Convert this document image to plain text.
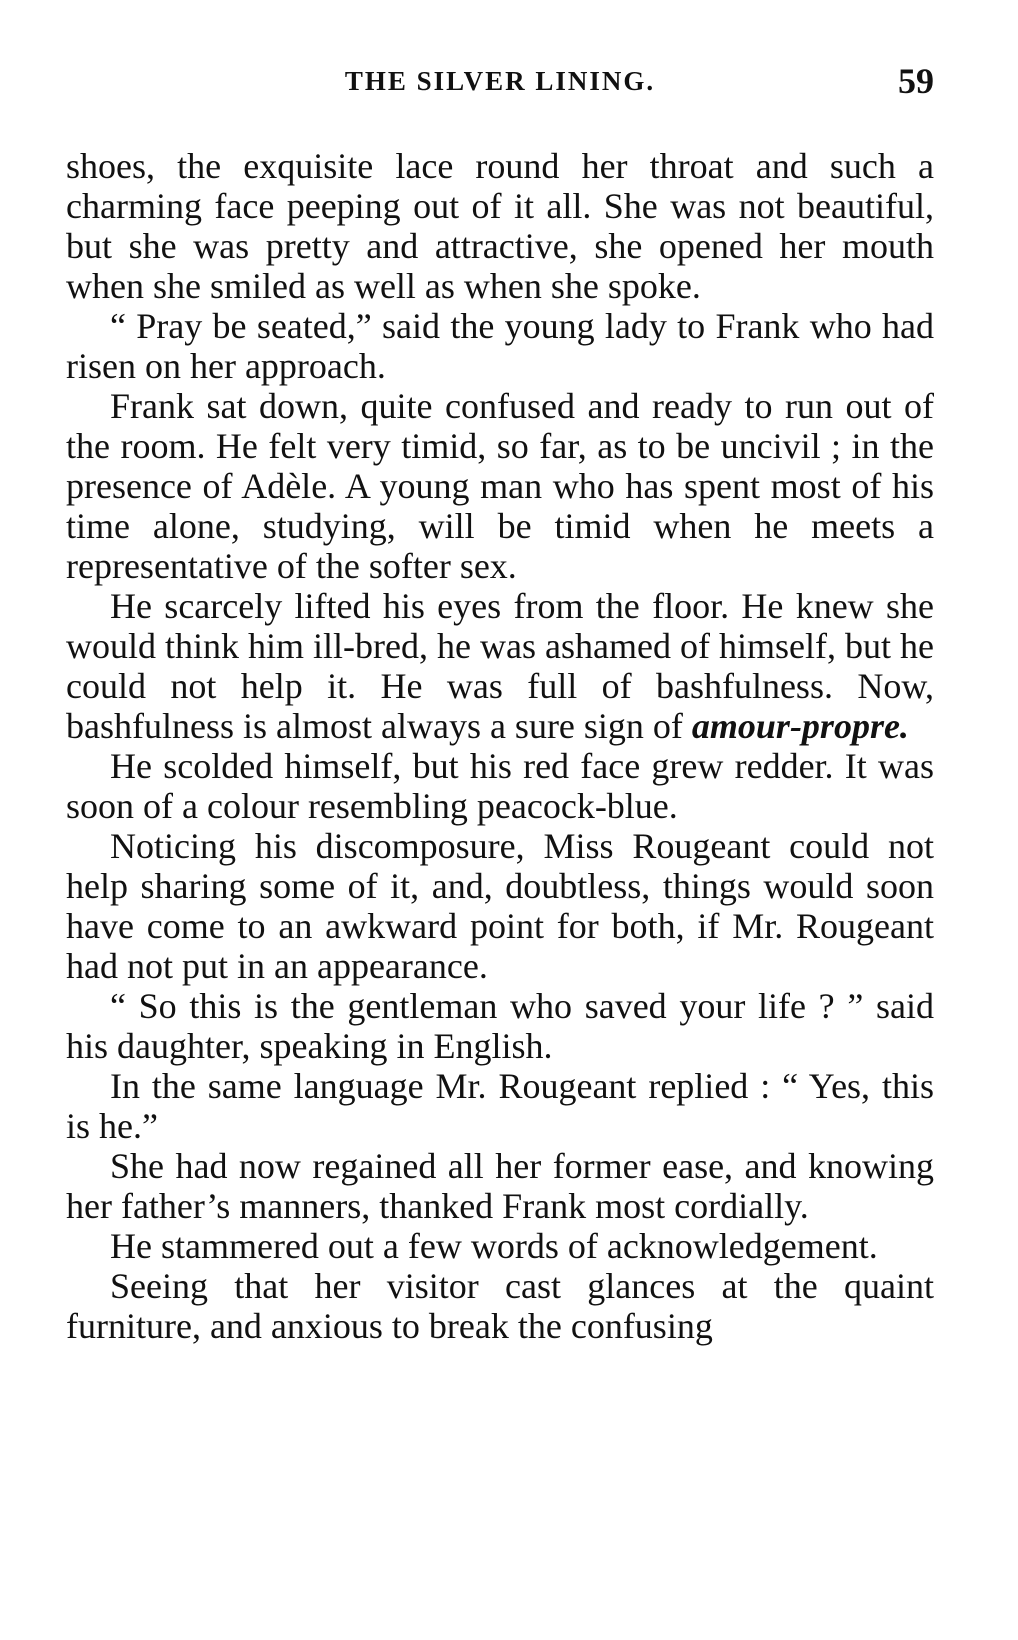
THE SILVER LINING.	59

shoes, the exquisite lace round her throat and such a charming face peeping out of it all. She was not beautiful, but she was pretty and attractive, she opened her mouth when she smiled as well as when she spoke.

“ Pray be seated,” said the young lady to Frank who had risen on her approach.

Frank sat down, quite confused and ready to run out of the room. He felt very timid, so far, as to be uncivil ; in the presence of Adèle. A young man who has spent most of his time alone, studying, will be timid when he meets a representative of the softer sex.

He scarcely lifted his eyes from the floor. He knew she would think him ill-bred, he was ashamed of himself, but he could not help it. He was full of bashfulness. Now, bashfulness is almost always a sure sign of amour-propre.

He scolded himself, but his red face grew redder. It was soon of a colour resembling peacock-blue.

Noticing his discomposure, Miss Rougeant could not help sharing some of it, and, doubtless, things would soon have come to an awkward point for both, if Mr. Rougeant had not put in an appearance.

“ So this is the gentleman who saved your life ? ” said his daughter, speaking in English.

In the same language Mr. Rougeant replied : “ Yes, this is he.”

She had now regained all her former ease, and knowing her father’s manners, thanked Frank most cordially.

He stammered out a few words of acknowledgement.

Seeing that her visitor cast glances at the quaint furniture, and anxious to break the confusing
